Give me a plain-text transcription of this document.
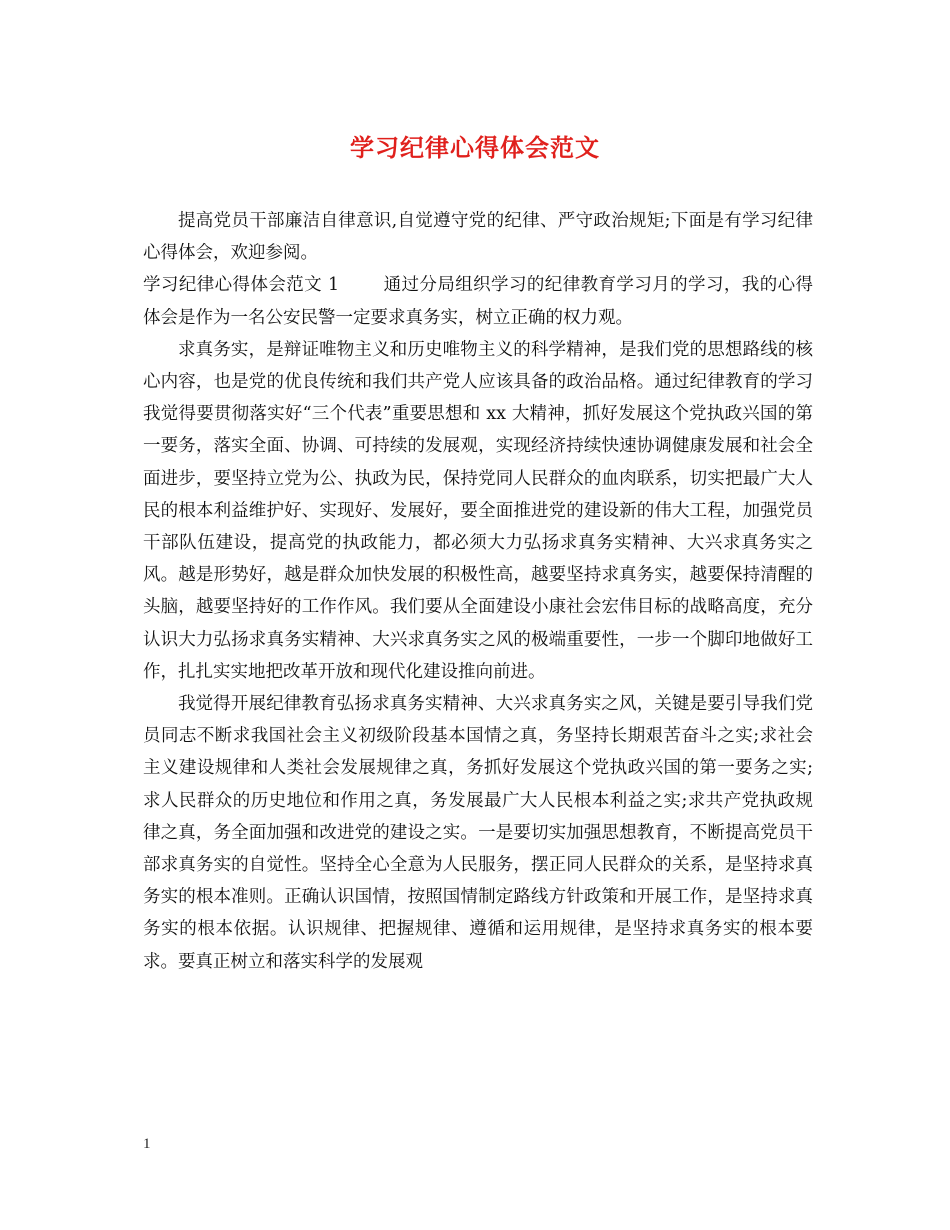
学习纪律心得体会范文

提高党员干部廉洁自律意识,自觉遵守党的纪律、严守政治规矩;下面是有学习纪律心得体会，欢迎参阅。

学习纪律心得体会范文 1	通过分局组织学习的纪律教育学习月的学习，我的心得体会是作为一名公安民警一定要求真务实，树立正确的权力观。

求真务实，是辩证唯物主义和历史唯物主义的科学精神，是我们党的思想路线的核心内容，也是党的优良传统和我们共产党人应该具备的政治品格。通过纪律教育的学习我觉得要贯彻落实好“三个代表”重要思想和 xx 大精神，抓好发展这个党执政兴国的第一要务，落实全面、协调、可持续的发展观，实现经济持续快速协调健康发展和社会全面进步，要坚持立党为公、执政为民，保持党同人民群众的血肉联系，切实把最广大人民的根本利益维护好、实现好、发展好，要全面推进党的建设新的伟大工程，加强党员干部队伍建设，提高党的执政能力，都必须大力弘扬求真务实精神、大兴求真务实之风。越是形势好，越是群众加快发展的积极性高，越要坚持求真务实，越要保持清醒的头脑，越要坚持好的工作作风。我们要从全面建设小康社会宏伟目标的战略高度，充分认识大力弘扬求真务实精神、大兴求真务实之风的极端重要性，一步一个脚印地做好工作，扎扎实实地把改革开放和现代化建设推向前进。

我觉得开展纪律教育弘扬求真务实精神、大兴求真务实之风，关键是要引导我们党员同志不断求我国社会主义初级阶段基本国情之真，务坚持长期艰苦奋斗之实;求社会主义建设规律和人类社会发展规律之真，务抓好发展这个党执政兴国的第一要务之实;求人民群众的历史地位和作用之真，务发展最广大人民根本利益之实;求共产党执政规律之真，务全面加强和改进党的建设之实。一是要切实加强思想教育，不断提高党员干部求真务实的自觉性。坚持全心全意为人民服务，摆正同人民群众的关系，是坚持求真务实的根本准则。正确认识国情，按照国情制定路线方针政策和开展工作，是坚持求真务实的根本依据。认识规律、把握规律、遵循和运用规律，是坚持求真务实的根本要求。要真正树立和落实科学的发展观

1
